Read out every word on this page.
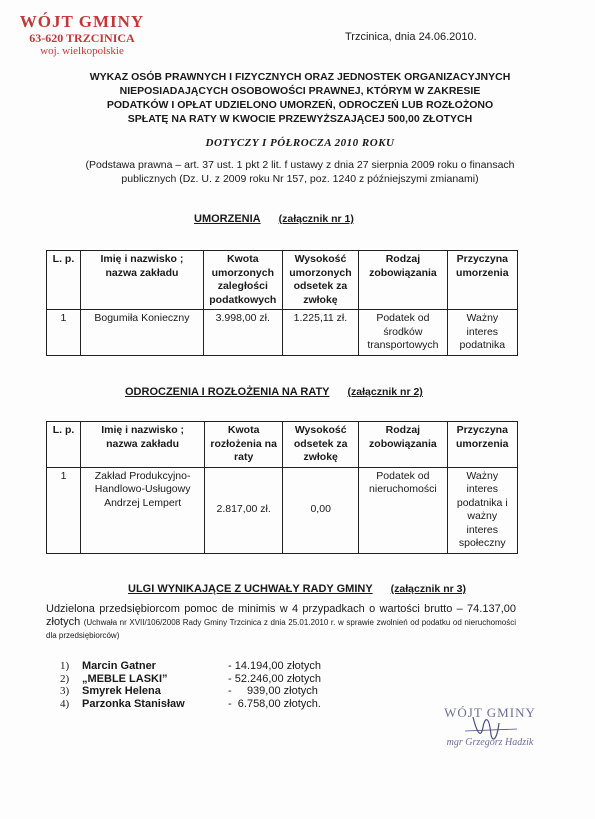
WÓJT GMINY
63-620 TRZCINICA
woj. wielkopolskie
Trzcinica, dnia 24.06.2010.
WYKAZ OSÓB PRAWNYCH I FIZYCZNYCH ORAZ JEDNOSTEK ORGANIZACYJNYCH
NIEPOSIADAJĄCYCH OSOBOWOŚCI PRAWNEJ, KTÓRYM W ZAKRESIE
PODATKÓW I OPŁAT UDZIELONO UMORZEŃ, ODROCZEŃ LUB ROZŁOŻONO
SPŁATĘ NA RATY W KWOCIE PRZEWYŻSZAJĄCEJ 500,00 ZŁOTYCH
DOTYCZY I PÓŁROCZA 2010 ROKU
(Podstawa prawna – art. 37 ust. 1 pkt 2 lit. f ustawy z dnia 27 sierpnia 2009 roku o finansach publicznych (Dz. U. z 2009 roku Nr 157, poz. 1240 z późniejszymi zmianami)
UMORZENIA (załącznik nr 1)
L. p.	Imię i nazwisko ; nazwa zakładu	Kwota umorzonych zaległości podatkowych	Wysokość umorzonych odsetek za zwłokę	Rodzaj zobowiązania	Przyczyna umorzenia
1	Bogumiła Konieczny	3.998,00 zł.	1.225,11 zł.	Podatek od środków transportowych	Ważny interes podatnika
ODROCZENIA I ROZŁOŻENIA NA RATY (załącznik nr 2)
L. p.	Imię i nazwisko ; nazwa zakładu	Kwota rozłożenia na raty	Wysokość odsetek za zwłokę	Rodzaj zobowiązania	Przyczyna umorzenia
1	Zakład Produkcyjno-Handlowo-Usługowy Andrzej Lempert	2.817,00 zł.	0,00	Podatek od nieruchomości	Ważny interes podatnika i ważny interes społeczny
ULGI WYNIKAJĄCE Z UCHWAŁY RADY GMINY (załącznik nr 3)
Udzielona przedsiębiorcom pomoc de minimis w 4 przypadkach o wartości brutto – 74.137,00 złotych (Uchwała nr XVII/106/2008 Rady Gminy Trzcinica z dnia 25.01.2010 r. w sprawie zwolnień od podatku od nieruchomości dla przedsiębiorców)
1)	Marcin Gatner	- 14.194,00 złotych
2)	„MEBLE LASKI”	- 52.246,00 złotych
3)	Smyrek Helena	-     939,00 złotych
4)	Parzonka Stanisław	-  6.758,00 złotych.
WÓJT GMINY
mgr Grzegorz Hadzik
